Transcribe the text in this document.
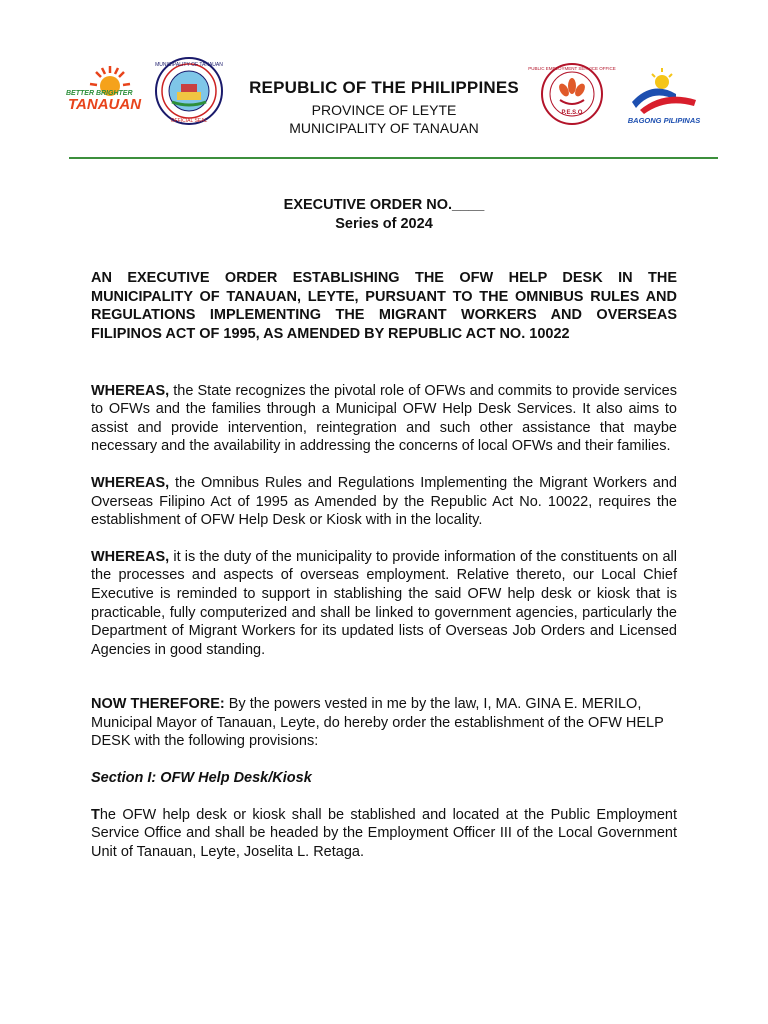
BETTER BRIGHTER
TANAUAN
MUNICIPALITY OF TANAUAN
OFFICIAL SEAL
REPUBLIC OF THE PHILIPPINES
PROVINCE OF LEYTE
MUNICIPALITY OF TANAUAN
P.E.S.O
PUBLIC EMPLOYMENT SERVICE OFFICE
BAGONG PILIPINAS
EXECUTIVE ORDER NO.____
Series of 2024
AN EXECUTIVE ORDER ESTABLISHING THE OFW HELP DESK IN THE MUNICIPALITY OF TANAUAN, LEYTE, PURSUANT TO THE OMNIBUS RULES AND REGULATIONS IMPLEMENTING THE MIGRANT WORKERS AND OVERSEAS FILIPINOS ACT OF 1995, AS AMENDED BY REPUBLIC ACT NO. 10022
WHEREAS, the State recognizes the pivotal role of OFWs and commits to provide services to OFWs and the families through a Municipal OFW Help Desk Services. It also aims to assist and provide intervention, reintegration and such other assistance that maybe necessary and the availability in addressing the concerns of local OFWs and their families.
WHEREAS, the Omnibus Rules and Regulations Implementing the Migrant Workers and Overseas Filipino Act of 1995 as Amended by the Republic Act No. 10022, requires the establishment of OFW Help Desk or Kiosk with in the locality.
WHEREAS, it is the duty of the municipality to provide information of the constituents on all the processes and aspects of overseas employment. Relative thereto, our Local Chief Executive is reminded to support in stablishing the said OFW help desk or kiosk that is practicable, fully computerized and shall be linked to government agencies, particularly the Department of Migrant Workers for its updated lists of Overseas Job Orders and Licensed Agencies in good standing.
NOW THEREFORE: By the powers vested in me by the law, I, MA. GINA E. MERILO, Municipal Mayor of Tanauan, Leyte, do hereby order the establishment of the OFW HELP DESK with the following provisions:
Section I: OFW Help Desk/Kiosk
The OFW help desk or kiosk shall be stablished and located at the Public Employment Service Office and shall be headed by the Employment Officer III of the Local Government Unit of Tanauan, Leyte, Joselita L. Retaga.
